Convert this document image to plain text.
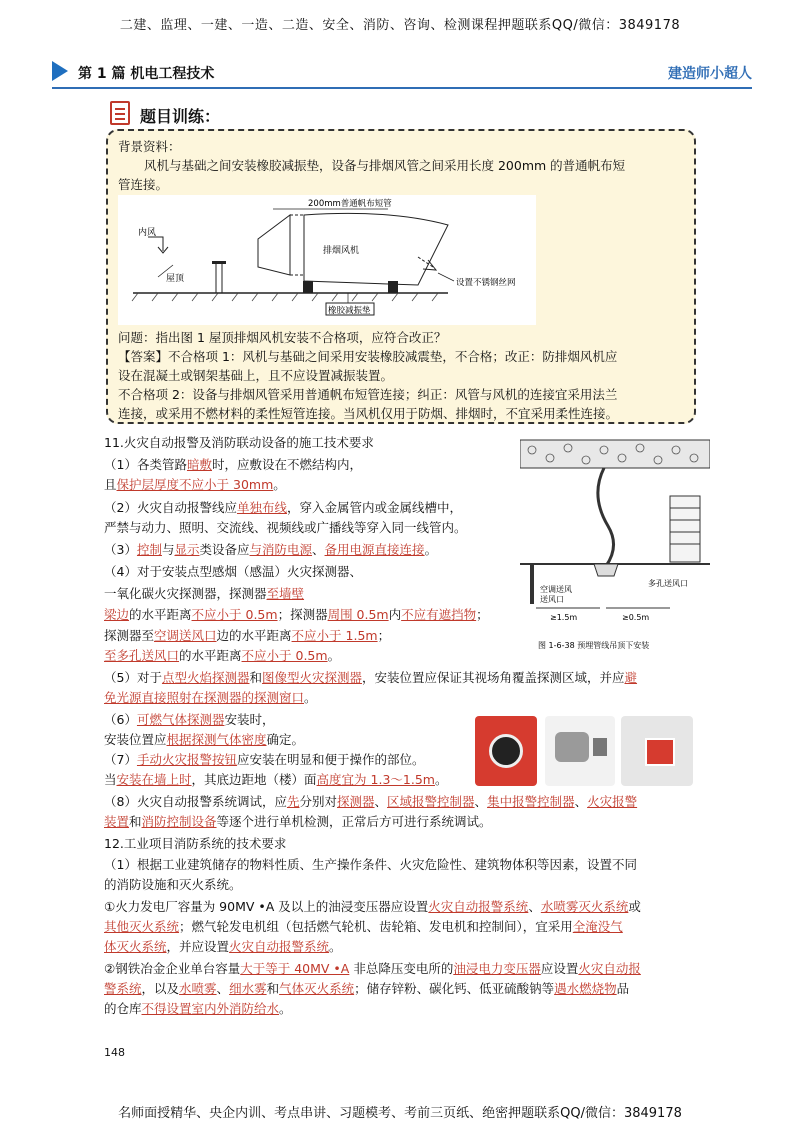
二建、监理、一建、一造、二造、安全、消防、咨询、检测课程押题联系QQ/微信：3849178
第 1 篇 机电工程技术	建造师小超人
题目训练：
背景资料：
风机与基础之间安装橡胶减振垫，设备与排烟风管之间采用长度 200mm 的普通帆布短
管连接。
内风
屋顶
排烟风机
设置不锈钢丝网
200mm普通帆布短管
橡胶减振垫
问题：指出图 1 屋顶排烟风机安装不合格项，应符合改正？
【答案】不合格项 1：风机与基础之间采用安装橡胶减震垫，不合格；改正：防排烟风机应
设在混凝土或钢架基础上，且不应设置减振装置。
不合格项 2：设备与排烟风管采用普通帆布短管连接；纠正：风管与风机的连接宜采用法兰
连接，或采用不燃材料的柔性短管连接。当风机仅用于防烟、排烟时，不宜采用柔性连接。
11.火灾自动报警及消防联动设备的施工技术要求
（1）各类管路暗敷时，应敷设在不燃结构内，
且保护层厚度不应小于 30mm。
（2）火灾自动报警线应单独布线，穿入金属管内或金属线槽中，
严禁与动力、照明、交流线、视频线或广播线等穿入同一线管内。
（3）控制与显示类设备应与消防电源、备用电源直接连接。
（4）对于安装点型感烟（感温）火灾探测器、
一氧化碳火灾探测器，探测器至墙壁
梁边的水平距离不应小于 0.5m；探测器周围 0.5m内不应有遮挡物；
探测器至空调送风口边的水平距离不应小于 1.5m；
至多孔送风口的水平距离不应小于 0.5m。
（5）对于点型火焰探测器和图像型火灾探测器，安装位置应保证其视场角覆盖探测区域，并应避
免光源直接照射在探测器的探测窗口。
（6）可燃气体探测器安装时，
安装位置应根据探测气体密度确定。
（7）手动火灾报警按钮应安装在明显和便于操作的部位。
当安装在墙上时，其底边距地（楼）面高度宜为 1.3～1.5m。
（8）火灾自动报警系统调试，应先分别对探测器、区域报警控制器、集中报警控制器、火灾报警
装置和消防控制设备等逐个进行单机检测，正常后方可进行系统调试。
空调送风
送风口
≥1.5m	≥0.5m
多孔送风口
图 1-6-38 预埋管线吊顶下安装
12.工业项目消防系统的技术要求
（1）根据工业建筑储存的物料性质、生产操作条件、火灾危险性、建筑物体积等因素，设置不同
的消防设施和灭火系统。
①火力发电厂容量为 90MV •A 及以上的油浸变压器应设置火灾自动报警系统、水喷雾灭火系统或
其他灭火系统；燃气轮发电机组（包括燃气轮机、齿轮箱、发电机和控制间），宜采用全淹没气
体灭火系统，并应设置火灾自动报警系统。
②钢铁冶金企业单台容量大于等于 40MV •A 非总降压变电所的油浸电力变压器应设置火灾自动报
警系统，以及水喷雾、细水雾和气体灭火系统；储存锌粉、碳化钙、低亚硫酸钠等遇水燃烧物品
的仓库不得设置室内外消防给水。
148
名师面授精华、央企内训、考点串讲、习题模考、考前三页纸、绝密押题联系QQ/微信：3849178
